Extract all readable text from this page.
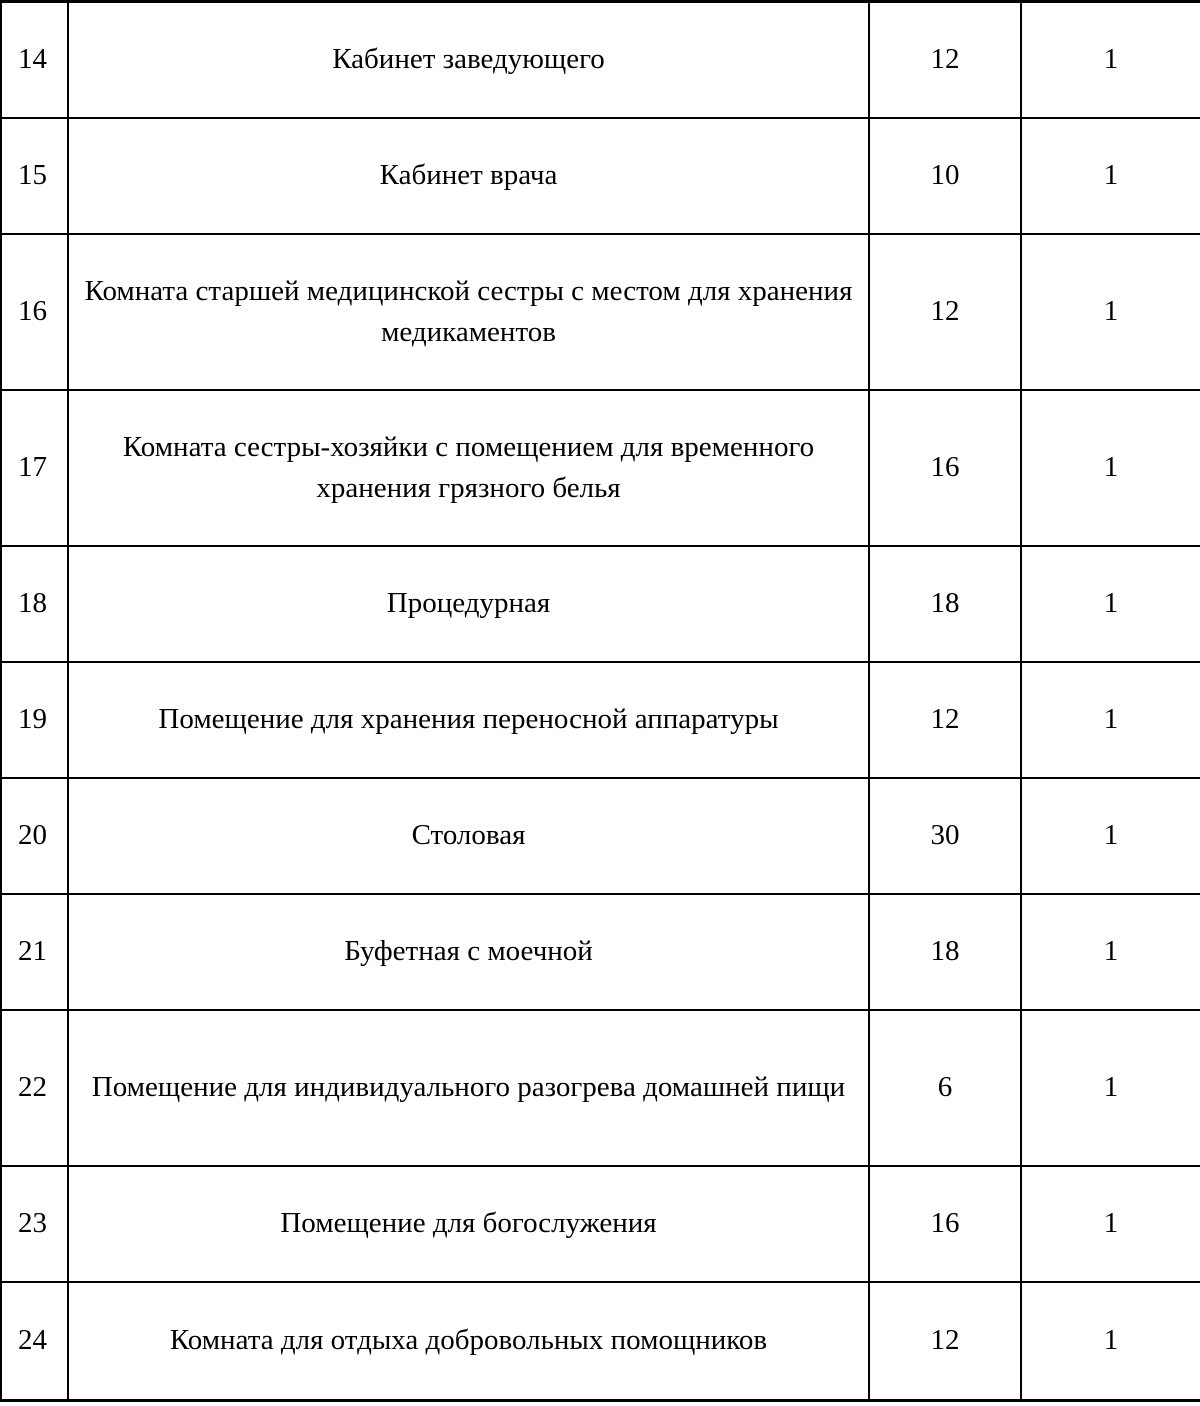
14	Кабинет заведующего	12	1
15	Кабинет врача	10	1
16	Комната старшей медицинской сестры с местом для хранения медикаментов	12	1
17	Комната сестры-хозяйки с помещением для временного хранения грязного белья	16	1
18	Процедурная	18	1
19	Помещение для хранения переносной аппаратуры	12	1
20	Столовая	30	1
21	Буфетная с моечной	18	1
22	Помещение для индивидуального разогрева домашней пищи	6	1
23	Помещение для богослужения	16	1
24	Комната для отдыха добровольных помощников	12	1
